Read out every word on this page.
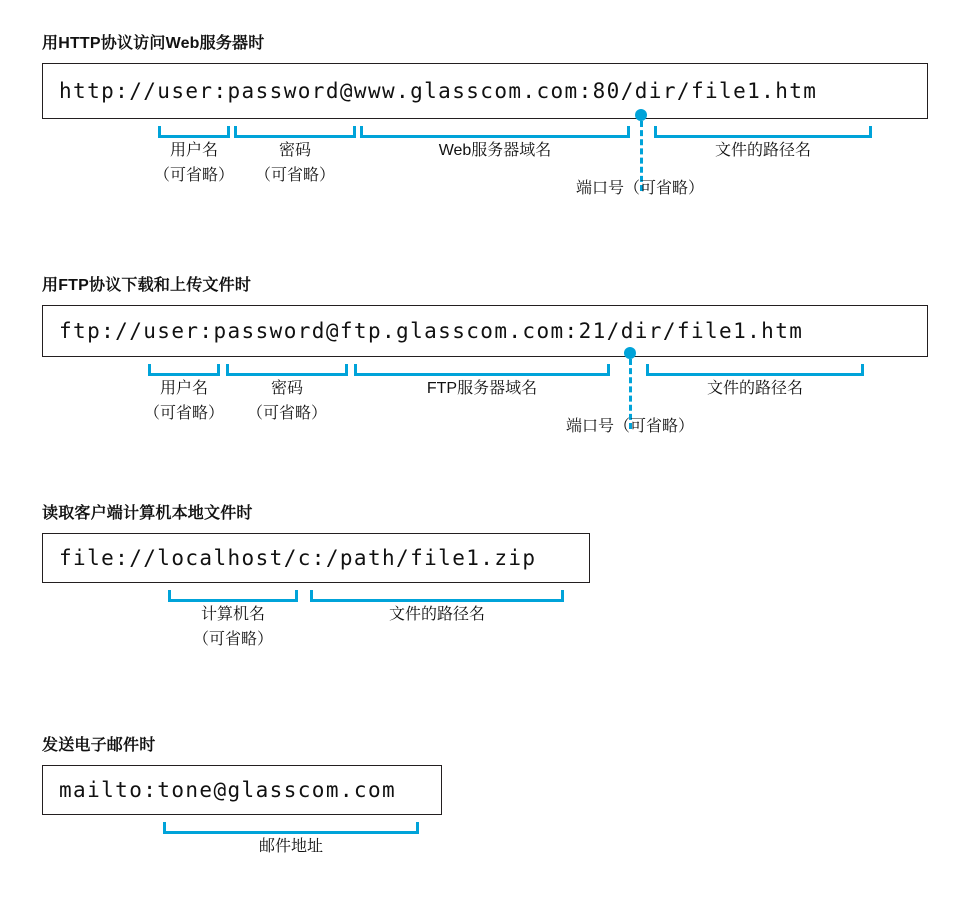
用HTTP协议访问Web服务器时
http://user:password@www.glasscom.com:80/dir/file1.htm
用户名
（可省略）
密码
（可省略）
Web服务器域名	文件的路径名
端口号（可省略）
用FTP协议下载和上传文件时
ftp://user:password@ftp.glasscom.com:21/dir/file1.htm
用户名
（可省略）
密码
（可省略）
FTP服务器域名	文件的路径名
端口号（可省略）
读取客户端计算机本地文件时
file://localhost/c:/path/file1.zip
计算机名
（可省略）
文件的路径名
发送电子邮件时
mailto:tone@glasscom.com
邮件地址
